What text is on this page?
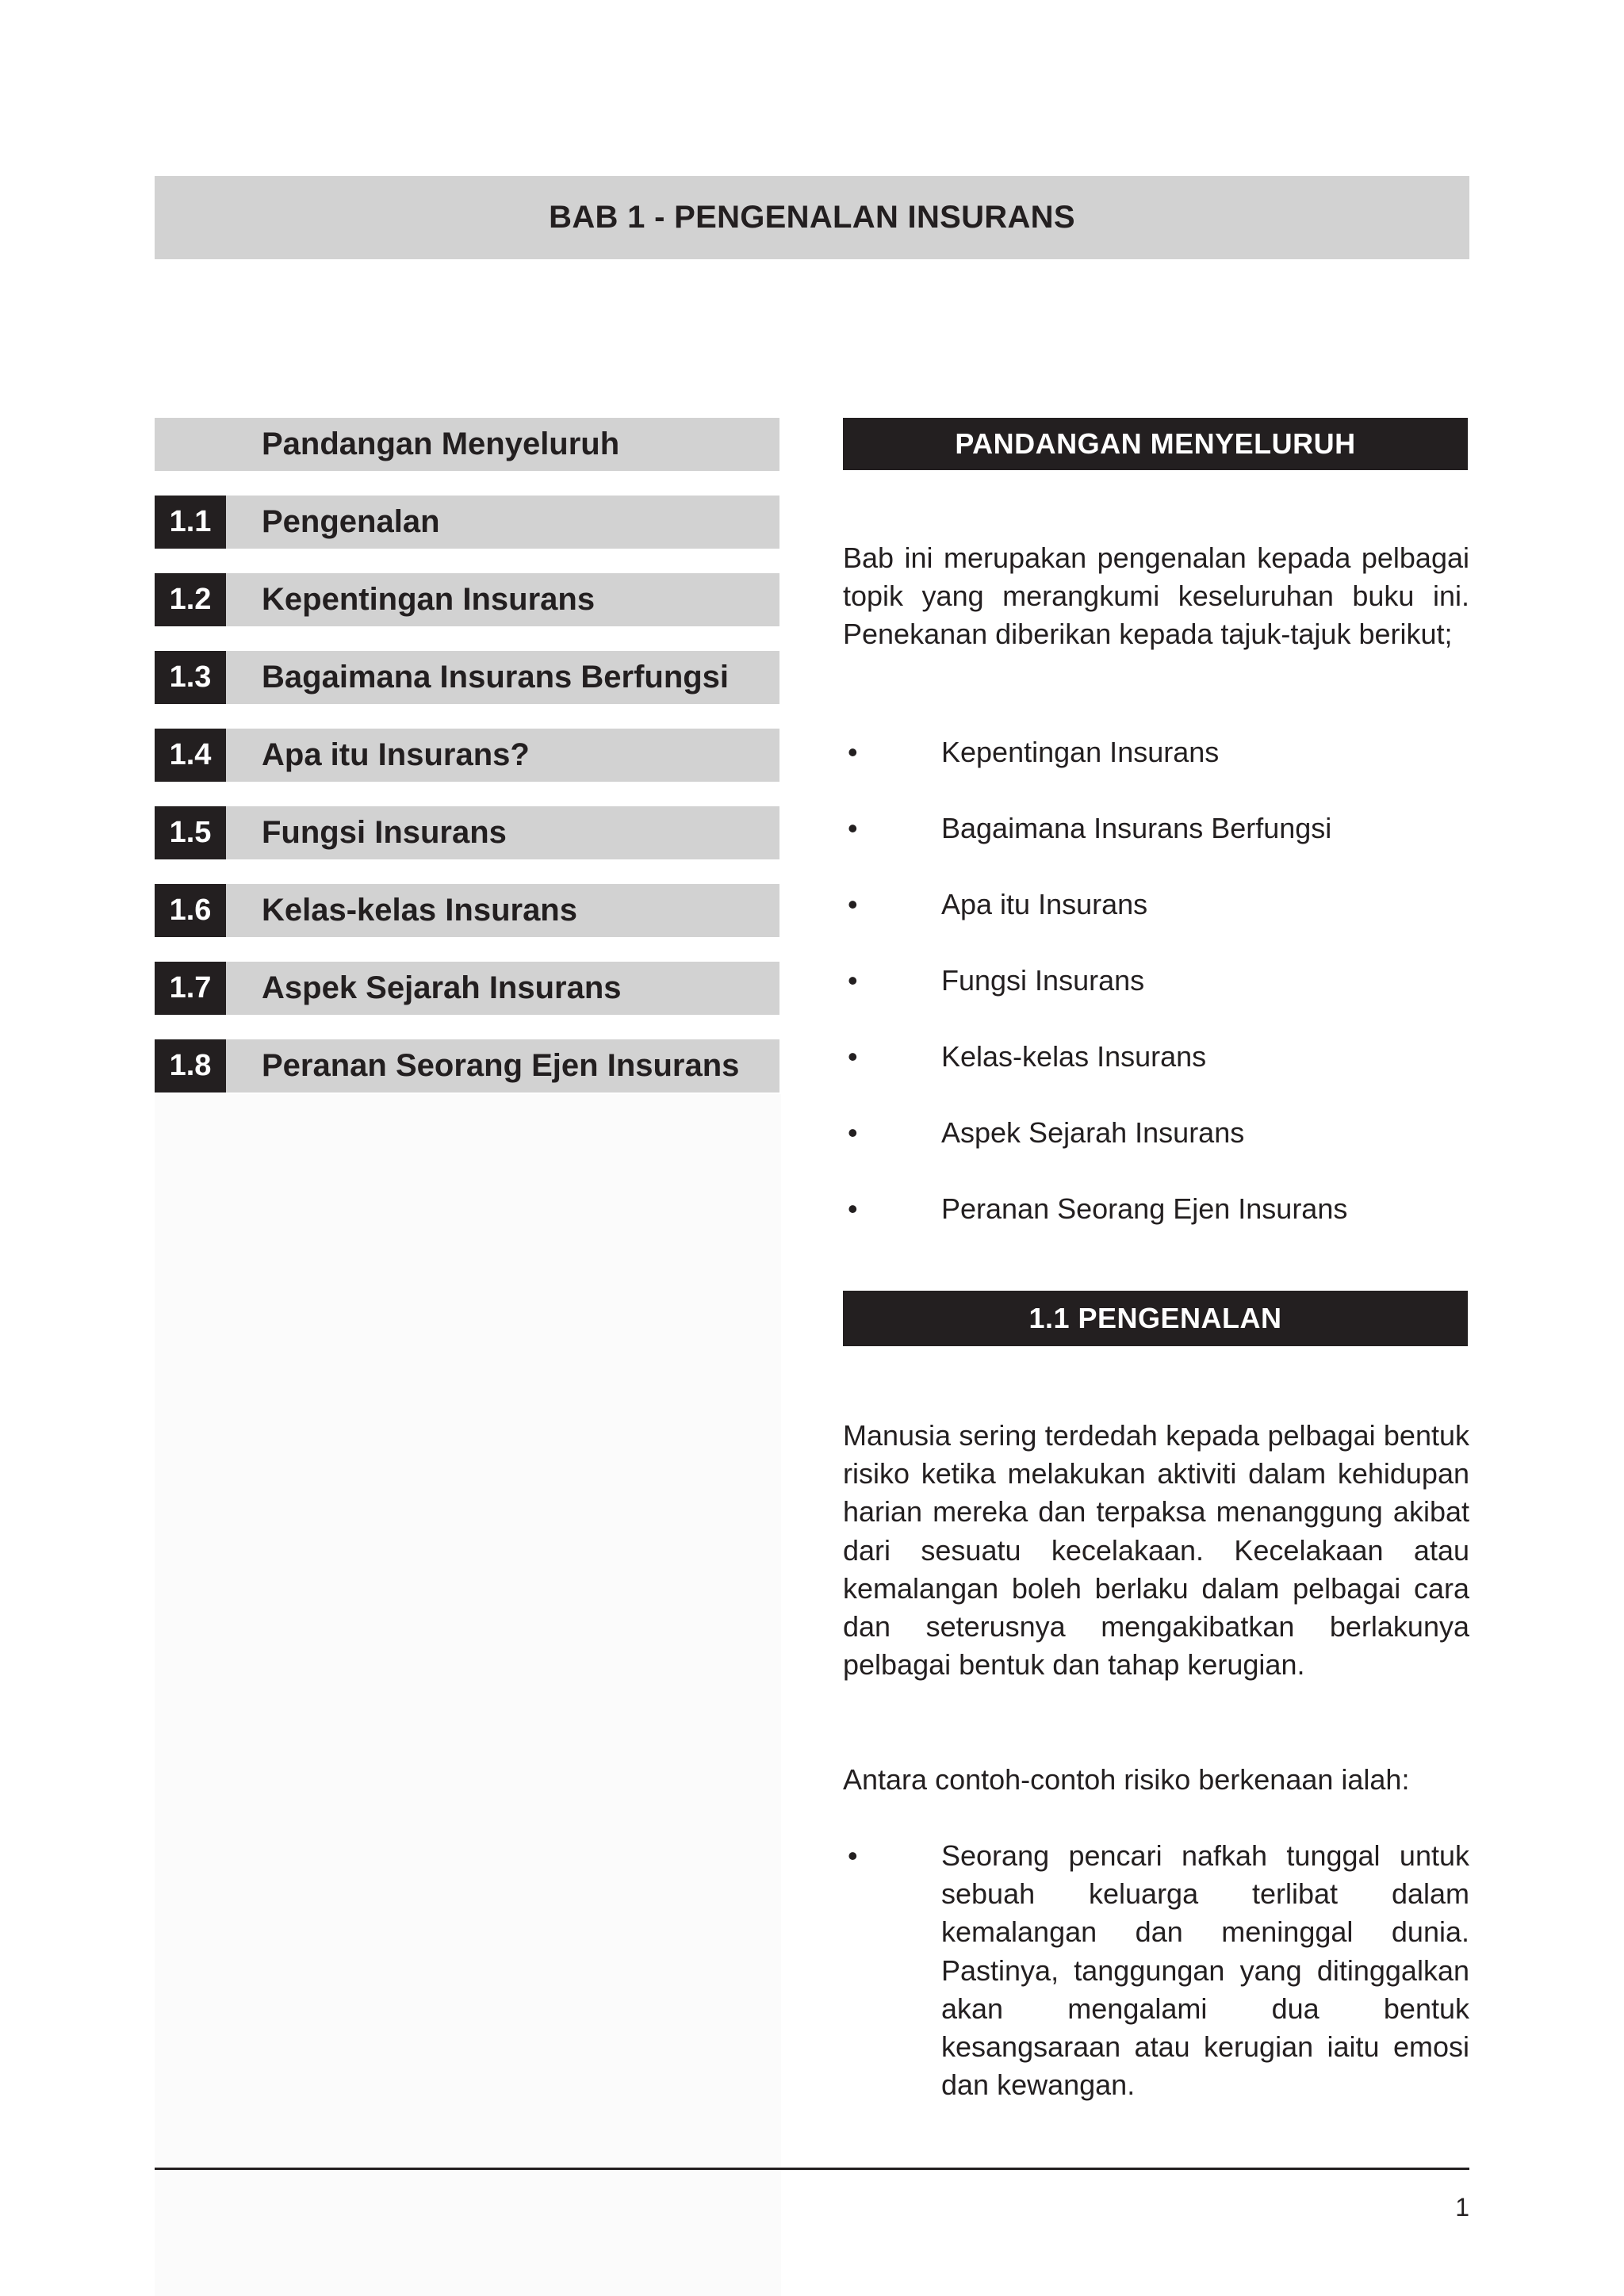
BAB 1 - PENGENALAN INSURANS
Pandangan Menyeluruh
1.1	Pengenalan
1.2	Kepentingan Insurans
1.3	Bagaimana Insurans Berfungsi
1.4	Apa itu Insurans?
1.5	Fungsi Insurans
1.6	Kelas-kelas Insurans
1.7	Aspek Sejarah Insurans
1.8	Peranan Seorang Ejen Insurans
PANDANGAN MENYELURUH

Bab ini merupakan pengenalan kepada pelbagai topik yang merangkumi keseluruhan buku ini. Penekanan diberikan kepada tajuk-tajuk berikut;

•	Kepentingan Insurans
•	Bagaimana Insurans Berfungsi
•	Apa itu Insurans
•	Fungsi Insurans
•	Kelas-kelas Insurans
•	Aspek Sejarah Insurans
•	Peranan Seorang Ejen Insurans
1.1 PENGENALAN

Manusia sering terdedah kepada pelbagai bentuk risiko ketika melakukan aktiviti dalam kehidupan harian mereka dan terpaksa menanggung akibat dari sesuatu kecelakaan. Kecelakaan atau kemalangan boleh berlaku dalam pelbagai cara dan seterusnya mengakibatkan berlakunya pelbagai bentuk dan tahap kerugian.

Antara contoh-contoh risiko berkenaan ialah:

•	Seorang pencari nafkah tunggal untuk sebuah keluarga terlibat dalam kemalangan dan meninggal dunia. Pastinya, tanggungan yang ditinggalkan akan mengalami dua bentuk kesangsaraan atau kerugian iaitu emosi dan kewangan.
1
